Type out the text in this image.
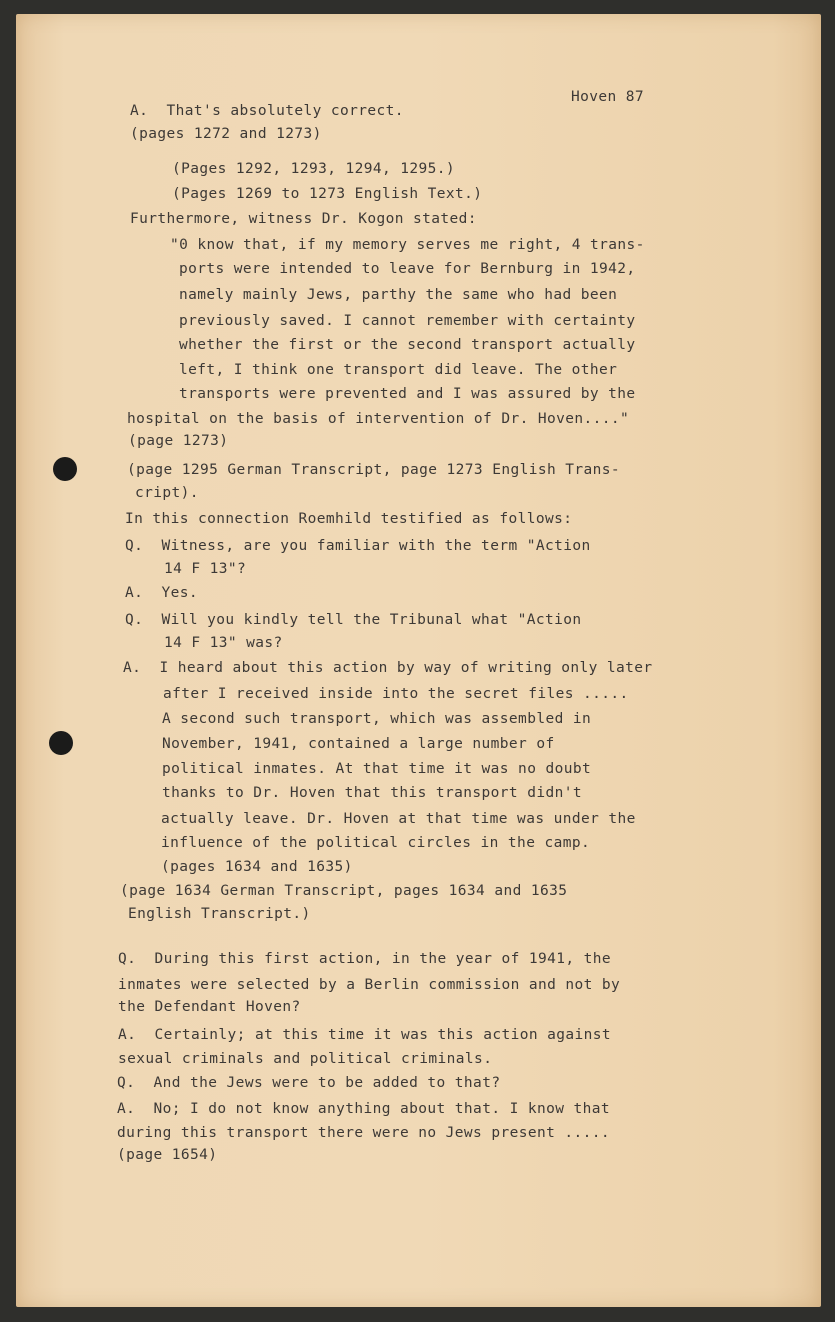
Hoven 87
A.  That's absolutely correct.
(pages 1272 and 1273)
(Pages 1292, 1293, 1294, 1295.)
(Pages 1269 to 1273 English Text.)
Furthermore, witness Dr. Kogon stated:
"0 know that, if my memory serves me right, 4 trans-
ports were intended to leave for Bernburg in 1942,
namely mainly Jews, parthy the same who had been
previously saved. I cannot remember with certainty
whether the first or the second transport actually
left, I think one transport did leave. The other
transports were prevented and I was assured by the
hospital on the basis of intervention of Dr. Hoven...."
(page 1273)
(page 1295 German Transcript, page 1273 English Trans-
cript).
In this connection Roemhild testified as follows:
Q.  Witness, are you familiar with the term "Action
14 F 13"?
A.  Yes.
Q.  Will you kindly tell the Tribunal what "Action
14 F 13" was?
A.  I heard about this action by way of writing only later
after I received inside into the secret files .....
A second such transport, which was assembled in
November, 1941, contained a large number of
political inmates. At that time it was no doubt
thanks to Dr. Hoven that this transport didn't
actually leave. Dr. Hoven at that time was under the
influence of the political circles in the camp.
(pages 1634 and 1635)
(page 1634 German Transcript, pages 1634 and 1635
English Transcript.)
Q.  During this first action, in the year of 1941, the
inmates were selected by a Berlin commission and not by
the Defendant Hoven?
A.  Certainly; at this time it was this action against
sexual criminals and political criminals.
Q.  And the Jews were to be added to that?
A.  No; I do not know anything about that. I know that
during this transport there were no Jews present .....
(page 1654)
